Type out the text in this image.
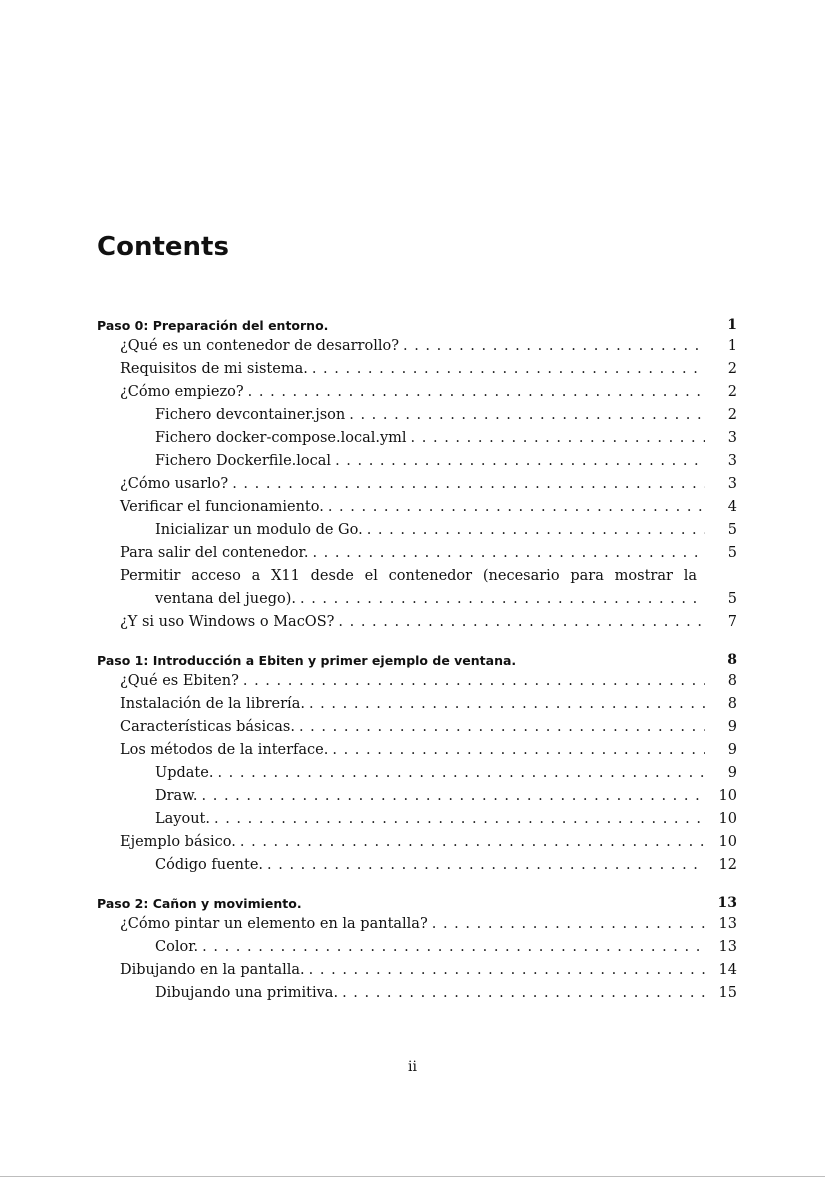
Contents
Paso 0: Preparación del entorno.	1
¿Qué es un contenedor de desarrollo? . . .	1
Requisitos de mi sistema. . . .	2
¿Cómo empiezo? . . .	2
Fichero devcontainer.json . . .	2
Fichero docker-compose.local.yml . . .	3
Fichero Dockerfile.local . . .	3
¿Cómo usarlo? . . .	3
Verificar el funcionamiento. . . .	4
Inicializar un modulo de Go. . . .	5
Para salir del contenedor. . . .	5
Permitir acceso a X11 desde el contenedor (necesario para mostrar la
ventana del juego). . . .	5
¿Y si uso Windows o MacOS? . . .	7
Paso 1: Introducción a Ebiten y primer ejemplo de ventana.	8
¿Qué es Ebiten? . . .	8
Instalación de la librería. . . .	8
Características básicas. . . .	9
Los métodos de la interface. . . .	9
Update. . . .	9
Draw. . . .	10
Layout. . . .	10
Ejemplo básico. . . .	10
Código fuente. . . .	12
Paso 2: Cañon y movimiento.	13
¿Cómo pintar un elemento en la pantalla? . . .	13
Color. . . .	13
Dibujando en la pantalla. . . .	14
Dibujando una primitiva. . . .	15
ii
